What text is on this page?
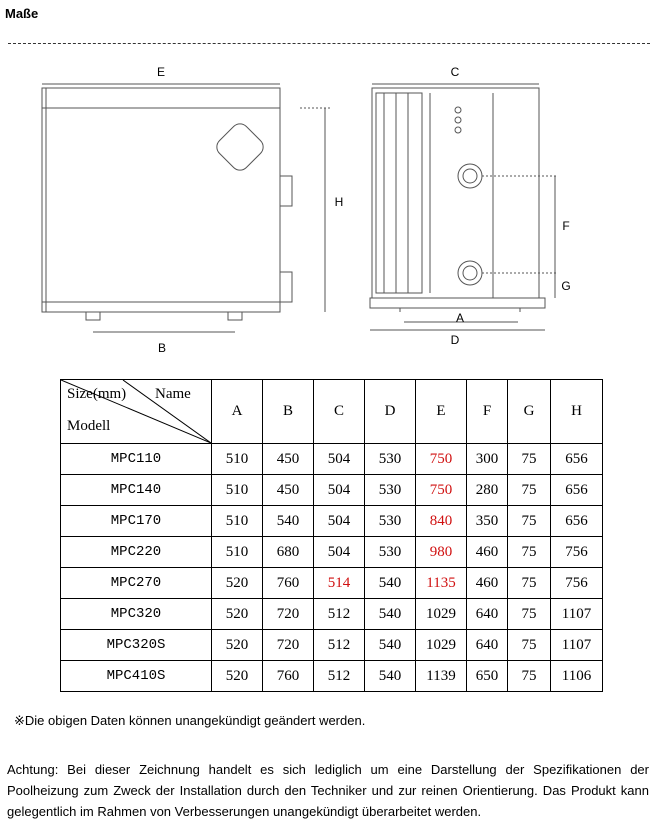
Maße
E
H
B
C
F
G
A
D
Size(mm) Name
Modell	A	B	C	D	E	F	G	H
MPC110	510	450	504	530	750	300	75	656
MPC140	510	450	504	530	750	280	75	656
MPC170	510	540	504	530	840	350	75	656
MPC220	510	680	504	530	980	460	75	756
MPC270	520	760	514	540	1135	460	75	756
MPC320	520	720	512	540	1029	640	75	1107
MPC320S	520	720	512	540	1029	640	75	1107
MPC410S	520	760	512	540	1139	650	75	1106
※Die obigen Daten können unangekündigt geändert werden.
Achtung: Bei dieser Zeichnung handelt es sich lediglich um eine Darstellung der Spezifikationen der Poolheizung zum Zweck der Installation durch den Techniker und zur reinen Orientierung. Das Produkt kann gelegentlich im Rahmen von Verbesserungen unangekündigt überarbeitet werden.
